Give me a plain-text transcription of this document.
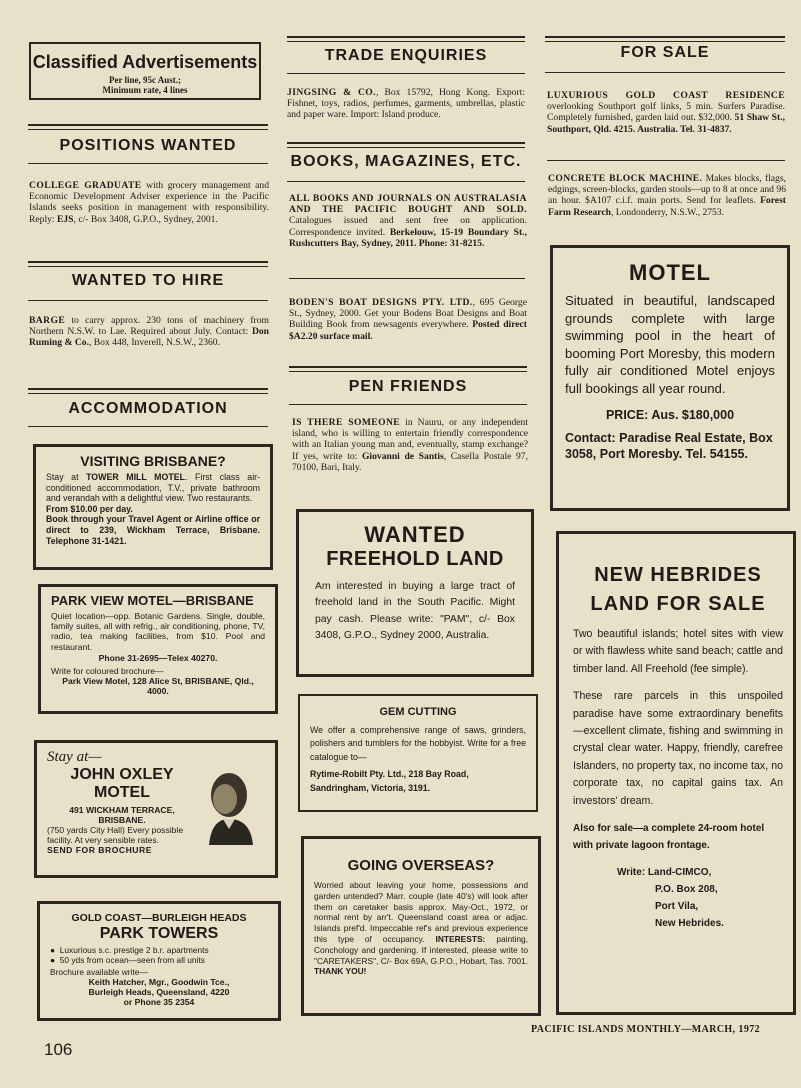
Classified Advertisements
Per line, 95c Aust.;
Minimum rate, 4 lines
POSITIONS WANTED
COLLEGE GRADUATE with grocery management and Economic Development Adviser experience in the Pacific Islands seeks position in management with responsibility. Reply: EJS, c/- Box 3408, G.P.O., Sydney, 2001.
WANTED TO HIRE
BARGE to carry approx. 230 tons of machinery from Northern N.S.W. to Lae. Required about July. Contact: Don Ruming & Co., Box 448, Inverell, N.S.W., 2360.
ACCOMMODATION
VISITING BRISBANE?
Stay at TOWER MILL MOTEL. First class air-conditioned accommodation, T.V., private bathroom and verandah with a delightful view. Two restaurants.
From $10.00 per day.
Book through your Travel Agent or Airline office or direct to 239, Wickham Terrace, Brisbane. Telephone 31-1421.
PARK VIEW MOTEL—BRISBANE
Quiet location—opp. Botanic Gardens. Single, double, family suites, all with refrig., air conditioning, phone, TV, radio, tea making facilities, from $10. Pool and restaurant.
Phone 31-2695—Telex 40270.
Write for coloured brochure—
Park View Motel, 128 Alice St, BRISBANE, Qld., 4000.
Stay at—
JOHN OXLEY
MOTEL
491 WICKHAM TERRACE,
BRISBANE.
(750 yards City Hall) Every possible facility. At very sensible rates.
SEND FOR BROCHURE
GOLD COAST—BURLEIGH HEADS
PARK TOWERS
●  Luxurious s.c. prestige 2 b.r. apartments
●  50 yds from ocean—seen from all units
Brochure available write—
Keith Hatcher, Mgr., Goodwin Tce.,
Burleigh Heads, Queensland, 4220
or Phone 35 2354
TRADE ENQUIRIES
JINGSING & CO., Box 15792, Hong Kong. Export: Fishnet, toys, radios, perfumes, garments, umbrellas, plastic and paper ware. Import: Island produce.
BOOKS, MAGAZINES, ETC.
ALL BOOKS AND JOURNALS ON AUSTRALASIA AND THE PACIFIC BOUGHT AND SOLD. Catalogues issued and sent free on application. Correspondence invited. Berkelouw, 15-19 Boundary St., Rushcutters Bay, Sydney, 2011. Phone: 31-8215.
BODEN'S BOAT DESIGNS PTY. LTD., 695 George St., Sydney, 2000. Get your Bodens Boat Designs and Boat Building Book from newsagents everywhere. Posted direct $A2.20 surface mail.
PEN FRIENDS
IS THERE SOMEONE in Nauru, or any independent island, who is willing to entertain friendly correspondence with an Italian young man and, eventually, stamp exchange? If yes, write to: Giovanni de Santis, Casella Postale 97, 70100, Bari, Italy.
WANTED
FREEHOLD LAND
Am interested in buying a large tract of freehold land in the South Pacific. Might pay cash. Please write: "PAM", c/- Box 3408, G.P.O., Sydney 2000, Australia.
GEM CUTTING
We offer a comprehensive range of saws, grinders, polishers and tumblers for the hobbyist. Write for a free catalogue to—
Rytime-Robilt Pty. Ltd., 218 Bay Road, Sandringham, Victoria, 3191.
GOING OVERSEAS?
Worried about leaving your home, possessions and garden untended? Marr. couple (late 40's) will look after them on caretaker basis approx. May-Oct., 1972, or normal rent by arr't. Queensland coast area or adjac. Islands pref'd. Impeccable ref's and previous experience this type of occupancy. INTERESTS: painting, Conchology and gardening. If interested, please write to "CARETAKERS", C/- Box 69A, G.P.O., Hobart, Tas. 7001. THANK YOU!
FOR SALE
LUXURIOUS GOLD COAST RESIDENCE overlooking Southport golf links, 5 min. Surfers Paradise. Completely furnished, garden laid out. $32,000. 51 Shaw St., Southport, Qld. 4215. Australia. Tel. 31-4837.
CONCRETE BLOCK MACHINE. Makes blocks, flags, edgings, screen-blocks, garden stools—up to 8 at once and 96 an hour. $A107 c.i.f. main ports. Send for leaflets. Forest Farm Research, Londonderry, N.S.W., 2753.
MOTEL
Situated in beautiful, landscaped grounds complete with large swimming pool in the heart of booming Port Moresby, this modern fully air conditioned Motel enjoys full bookings all year round.
PRICE: Aus. $180,000
Contact: Paradise Real Estate, Box 3058, Port Moresby. Tel. 54155.
NEW HEBRIDES
LAND FOR SALE
Two beautiful islands; hotel sites with view or with flawless white sand beach; cattle and timber land. All Freehold (fee simple).
These rare parcels in this unspoiled paradise have some extraordinary benefits—excellent climate, fishing and swimming in crystal clear water. Happy, friendly, carefree Islanders, no property tax, no income tax, no corporate tax, no capital gains tax. An investors' dream.
Also for sale—a complete 24-room hotel with private lagoon frontage.
Write: Land-CIMCO,
P.O. Box 208,
Port Vila,
New Hebrides.
106
PACIFIC ISLANDS MONTHLY—MARCH, 1972
